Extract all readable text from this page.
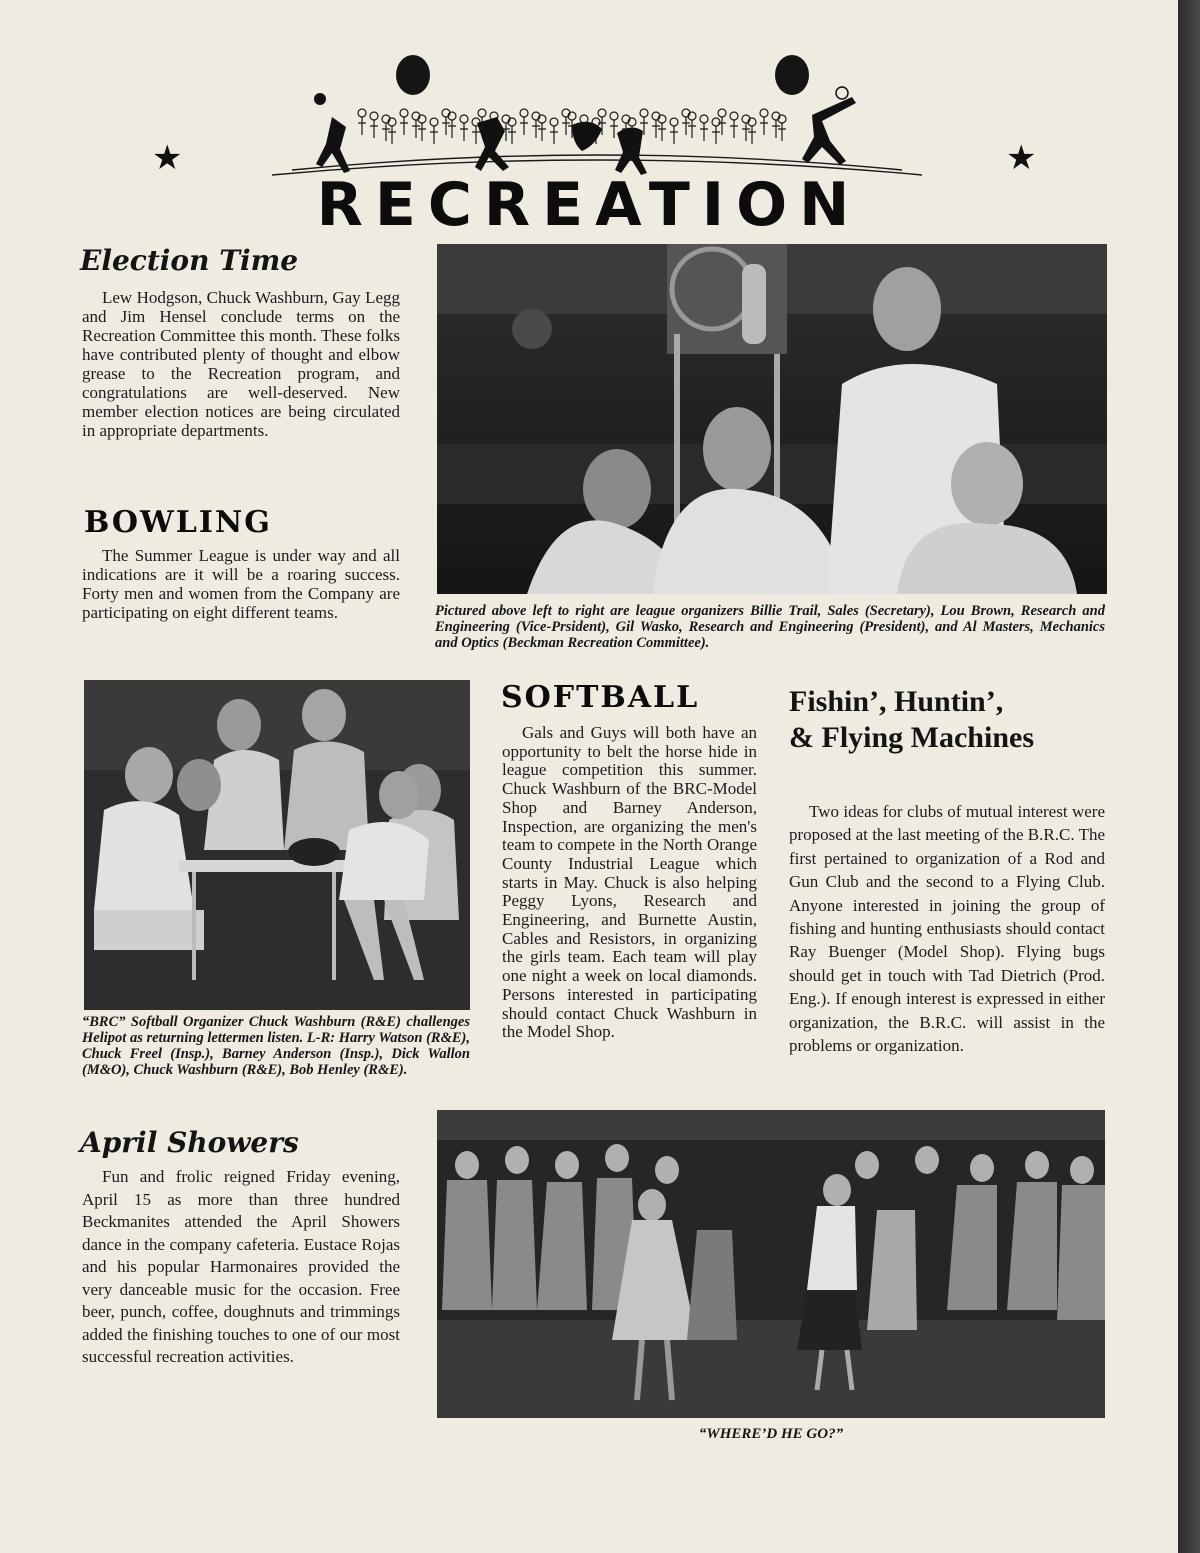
★	★
RECREATION
Election Time

Lew Hodgson, Chuck Washburn, Gay Legg and Jim Hensel conclude terms on the Recreation Committee this month. These folks have contributed plenty of thought and elbow grease to the Recreation program, and congratulations are well-deserved. New member election notices are being circulated in appropriate departments.

BOWLING

The Summer League is under way and all indications are it will be a roaring success. Forty men and women from the Company are participating on eight different teams.	Pictured above left to right are league organizers Billie Trail, Sales (Secretary), Lou Brown, Research and Engineering (Vice-Prsident), Gil Wasko, Research and Engineering (President), and Al Masters, Mechanics and Optics (Beckman Recreation Committee).

“BRC” Softball Organizer Chuck Washburn (R&E) challenges Helipot as returning lettermen listen. L-R: Harry Watson (R&E), Chuck Freel (Insp.), Barney Anderson (Insp.), Dick Wallon (M&O), Chuck Washburn (R&E), Bob Henley (R&E).

SOFTBALL

Gals and Guys will both have an opportunity to belt the horse hide in league competition this summer. Chuck Washburn of the BRC-Model Shop and Barney Anderson, Inspection, are organizing the men's team to compete in the North Orange County Industrial League which starts in May. Chuck is also helping Peggy Lyons, Research and Engineering, and Burnette Austin, Cables and Resistors, in organizing the girls team. Each team will play one night a week on local diamonds. Persons interested in participating should contact Chuck Washburn in the Model Shop.

Fishin’, Huntin’,
& Flying Machines

Two ideas for clubs of mutual interest were proposed at the last meeting of the B.R.C. The first pertained to organization of a Rod and Gun Club and the second to a Flying Club. Anyone interested in joining the group of fishing and hunting enthusiasts should contact Ray Buenger (Model Shop). Flying bugs should get in touch with Tad Dietrich (Prod. Eng.). If enough interest is expressed in either organization, the B.R.C. will assist in the problems or organization.

April Showers

Fun and frolic reigned Friday evening, April 15 as more than three hundred Beckmanites attended the April Showers dance in the company cafeteria. Eustace Rojas and his popular Harmonaires provided the very danceable music for the occasion. Free beer, punch, coffee, doughnuts and trimmings added the finishing touches to one of our most successful recreation activities.

“WHERE’D HE GO?”
